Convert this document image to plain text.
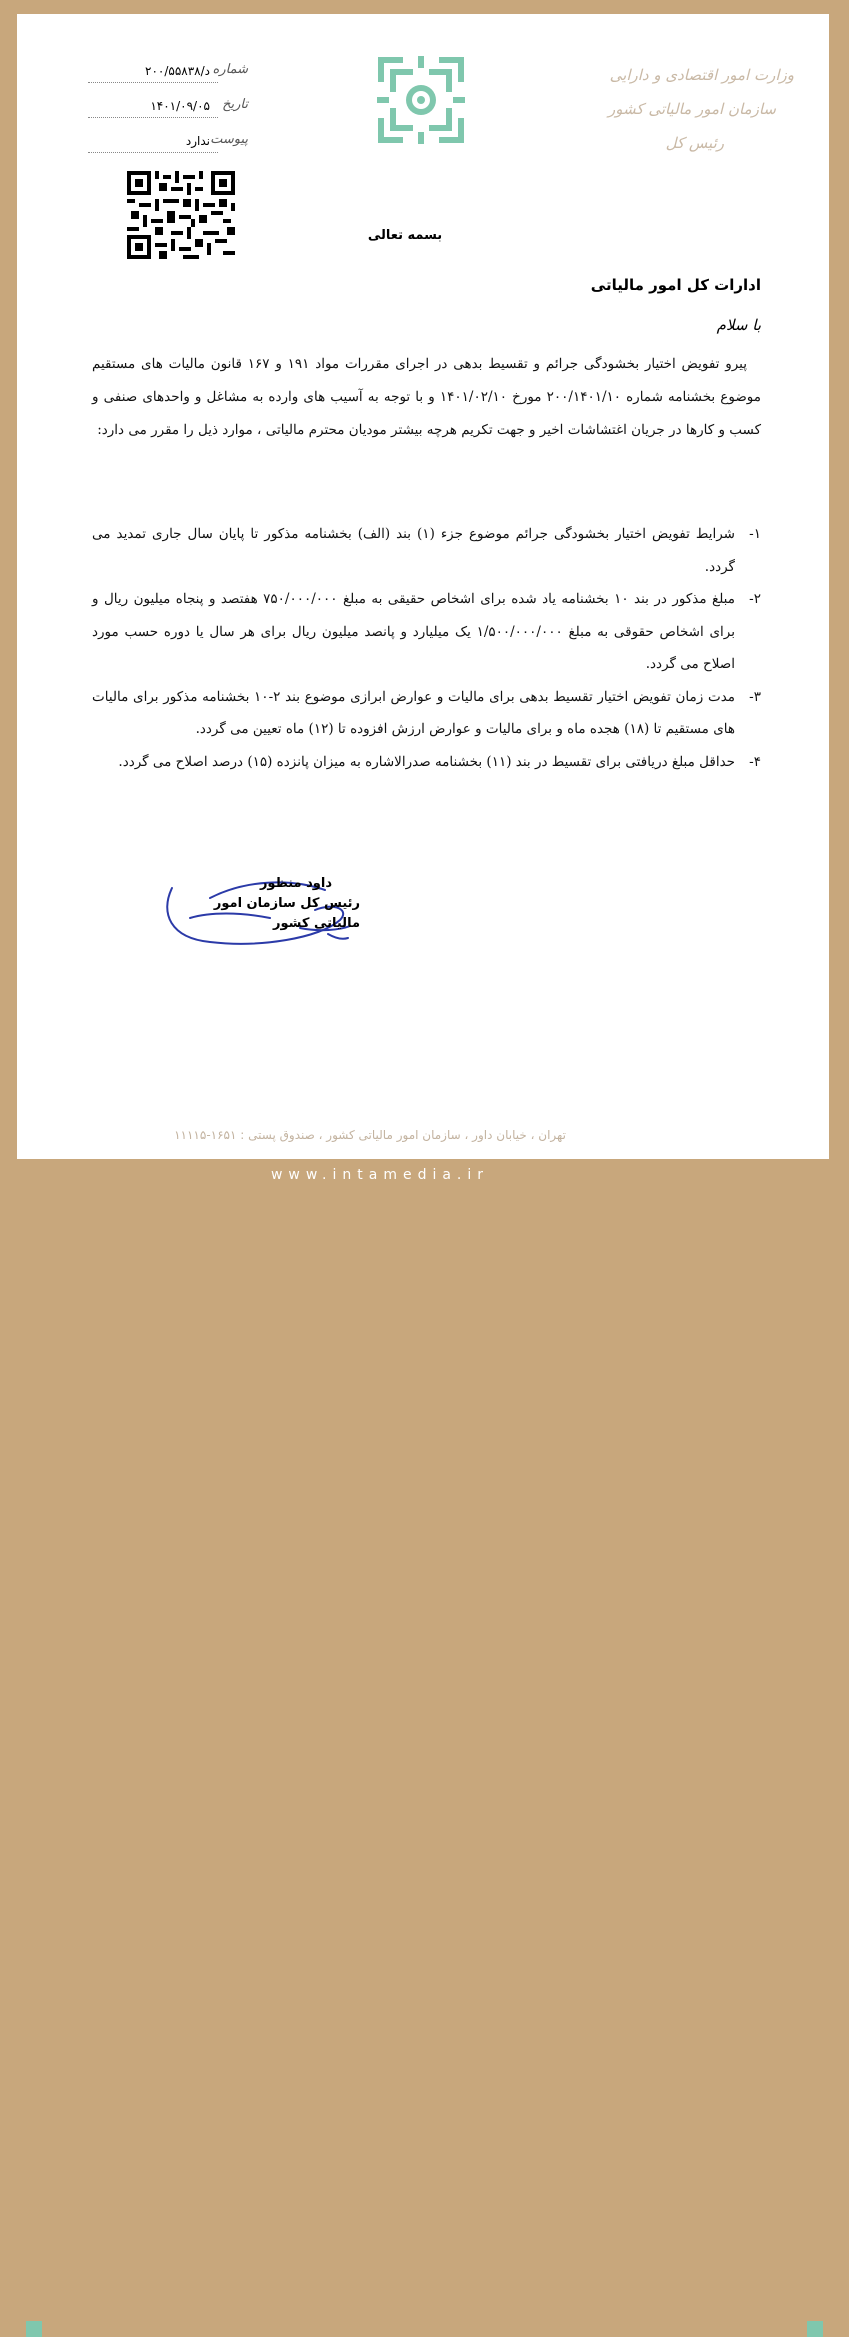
وزارت امور اقتصادی و دارایی
سازمان امور مالیاتی کشور
رئیس کل
شماره
د/۲۰۰/۵۵۸۳۸
تاریخ
۱۴۰۱/۰۹/۰۵
پیوست
ندارد
بسمه تعالی
ادارات کل امور مالیاتی
با سلام

پیرو تفویض اختیار بخشودگی جرائم و تقسیط بدهی در اجرای مقررات مواد ۱۹۱ و ۱۶۷ قانون مالیات های مستقیم موضوع بخشنامه شماره ۲۰۰/۱۴۰۱/۱۰ مورخ ۱۴۰۱/۰۲/۱۰ و با توجه به آسیب های وارده به مشاغل و واحدهای صنفی و کسب و کارها در جریان اغتشاشات اخیر و جهت تکریم هرچه بیشتر مودیان محترم مالیاتی ، موارد ذیل را مقرر می دارد:

۱-
شرایط تفویض اختیار بخشودگی جرائم موضوع جزء (۱) بند (الف) بخشنامه مذکور تا پایان سال جاری تمدید می گردد.
۲-
مبلغ مذکور در بند ۱۰ بخشنامه یاد شده برای اشخاص حقیقی به مبلغ ۷۵۰/۰۰۰/۰۰۰ هفتصد و پنجاه میلیون ریال و برای اشخاص حقوقی به مبلغ ۱/۵۰۰/۰۰۰/۰۰۰ یک میلیارد و پانصد میلیون ریال برای هر سال یا دوره حسب مورد اصلاح می گردد.
۳-
مدت زمان تفویض اختیار تقسیط بدهی برای مالیات و عوارض ابرازی موضوع بند ۲-۱۰ بخشنامه مذکور برای مالیات های مستقیم تا (۱۸) هجده ماه و برای مالیات و عوارض ارزش افزوده تا (۱۲) ماه تعیین می گردد.
۴-
حداقل مبلغ دریافتی برای تقسیط در بند (۱۱) بخشنامه صدرالاشاره به میزان پانزده (۱۵) درصد اصلاح می گردد.
داود منظور
رئیس کل سازمان امور مالیاتی کشور
تهران ، خیابان داور ، سازمان امور مالیاتی کشور ، صندوق پستی : ۱۶۵۱-۱۱۱۱۵
www.intamedia.ir
